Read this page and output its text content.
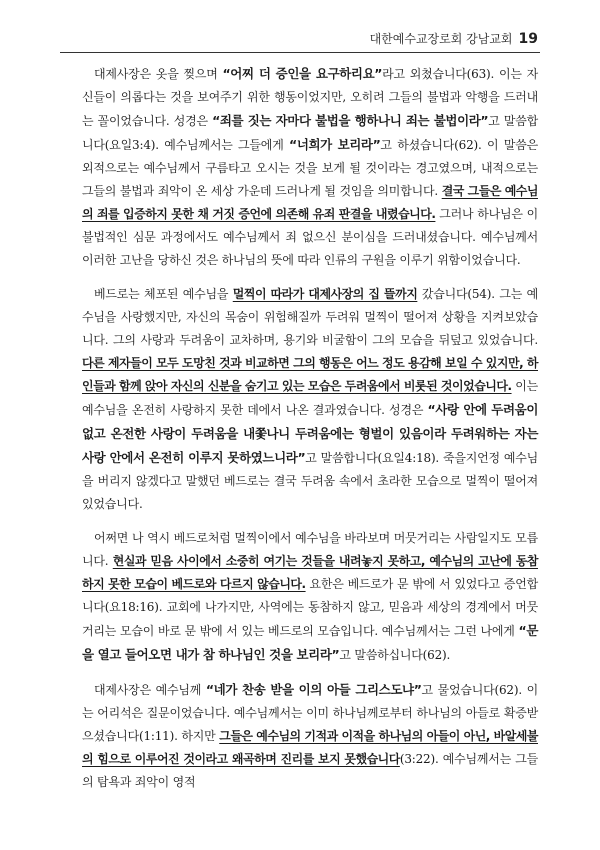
대한예수교장로회 강남교회 19

대제사장은 옷을 찢으며 “어찌 더 증인을 요구하리요”라고 외쳤습니다(63). 이는 자신들이 의롭다는 것을 보여주기 위한 행동이었지만, 오히려 그들의 불법과 악행을 드러내는 꼴이었습니다. 성경은 “죄를 짓는 자마다 불법을 행하나니 죄는 불법이라”고 말씀합니다(요일3:4). 예수님께서는 그들에게 “너희가 보리라”고 하셨습니다(62). 이 말씀은 외적으로는 예수님께서 구름타고 오시는 것을 보게 될 것이라는 경고였으며, 내적으로는 그들의 불법과 죄악이 온 세상 가운데 드러나게 될 것임을 의미합니다. 결국 그들은 예수님의 죄를 입증하지 못한 채 거짓 증언에 의존해 유죄 판결을 내렸습니다. 그러나 하나님은 이 불법적인 심문 과정에서도 예수님께서 죄 없으신 분이심을 드러내셨습니다. 예수님께서 이러한 고난을 당하신 것은 하나님의 뜻에 따라 인류의 구원을 이루기 위함이었습니다.

베드로는 체포된 예수님을 멀찍이 따라가 대제사장의 집 뜰까지 갔습니다(54). 그는 예수님을 사랑했지만, 자신의 목숨이 위험해질까 두려워 멀찍이 떨어져 상황을 지켜보았습니다. 그의 사랑과 두려움이 교차하며, 용기와 비굴함이 그의 모습을 뒤덮고 있었습니다. 다른 제자들이 모두 도망친 것과 비교하면 그의 행동은 어느 정도 용감해 보일 수 있지만, 하인들과 함께 앉아 자신의 신분을 숨기고 있는 모습은 두려움에서 비롯된 것이었습니다. 이는 예수님을 온전히 사랑하지 못한 데에서 나온 결과였습니다. 성경은 “사랑 안에 두려움이 없고 온전한 사랑이 두려움을 내쫓나니 두려움에는 형벌이 있음이라 두려워하는 자는 사랑 안에서 온전히 이루지 못하였느니라”고 말씀합니다(요일4:18). 죽을지언정 예수님을 버리지 않겠다고 말했던 베드로는 결국 두려움 속에서 초라한 모습으로 멀찍이 떨어져 있었습니다.

어쩌면 나 역시 베드로처럼 멀찍이에서 예수님을 바라보며 머뭇거리는 사람일지도 모릅니다. 현실과 믿음 사이에서 소중히 여기는 것들을 내려놓지 못하고, 예수님의 고난에 동참하지 못한 모습이 베드로와 다르지 않습니다. 요한은 베드로가 문 밖에 서 있었다고 증언합니다(요18:16). 교회에 나가지만, 사역에는 동참하지 않고, 믿음과 세상의 경계에서 머뭇거리는 모습이 바로 문 밖에 서 있는 베드로의 모습입니다. 예수님께서는 그런 나에게 “문을 열고 들어오면 내가 참 하나님인 것을 보리라”고 말씀하십니다(62).

대제사장은 예수님께 “네가 찬송 받을 이의 아들 그리스도냐”고 물었습니다(62). 이는 어리석은 질문이었습니다. 예수님께서는 이미 하나님께로부터 하나님의 아들로 확증받으셨습니다(1:11). 하지만 그들은 예수님의 기적과 이적을 하나님의 아들이 아닌, 바알세불의 힘으로 이루어진 것이라고 왜곡하며 진리를 보지 못했습니다(3:22). 예수님께서는 그들의 탐욕과 죄악이 영적
